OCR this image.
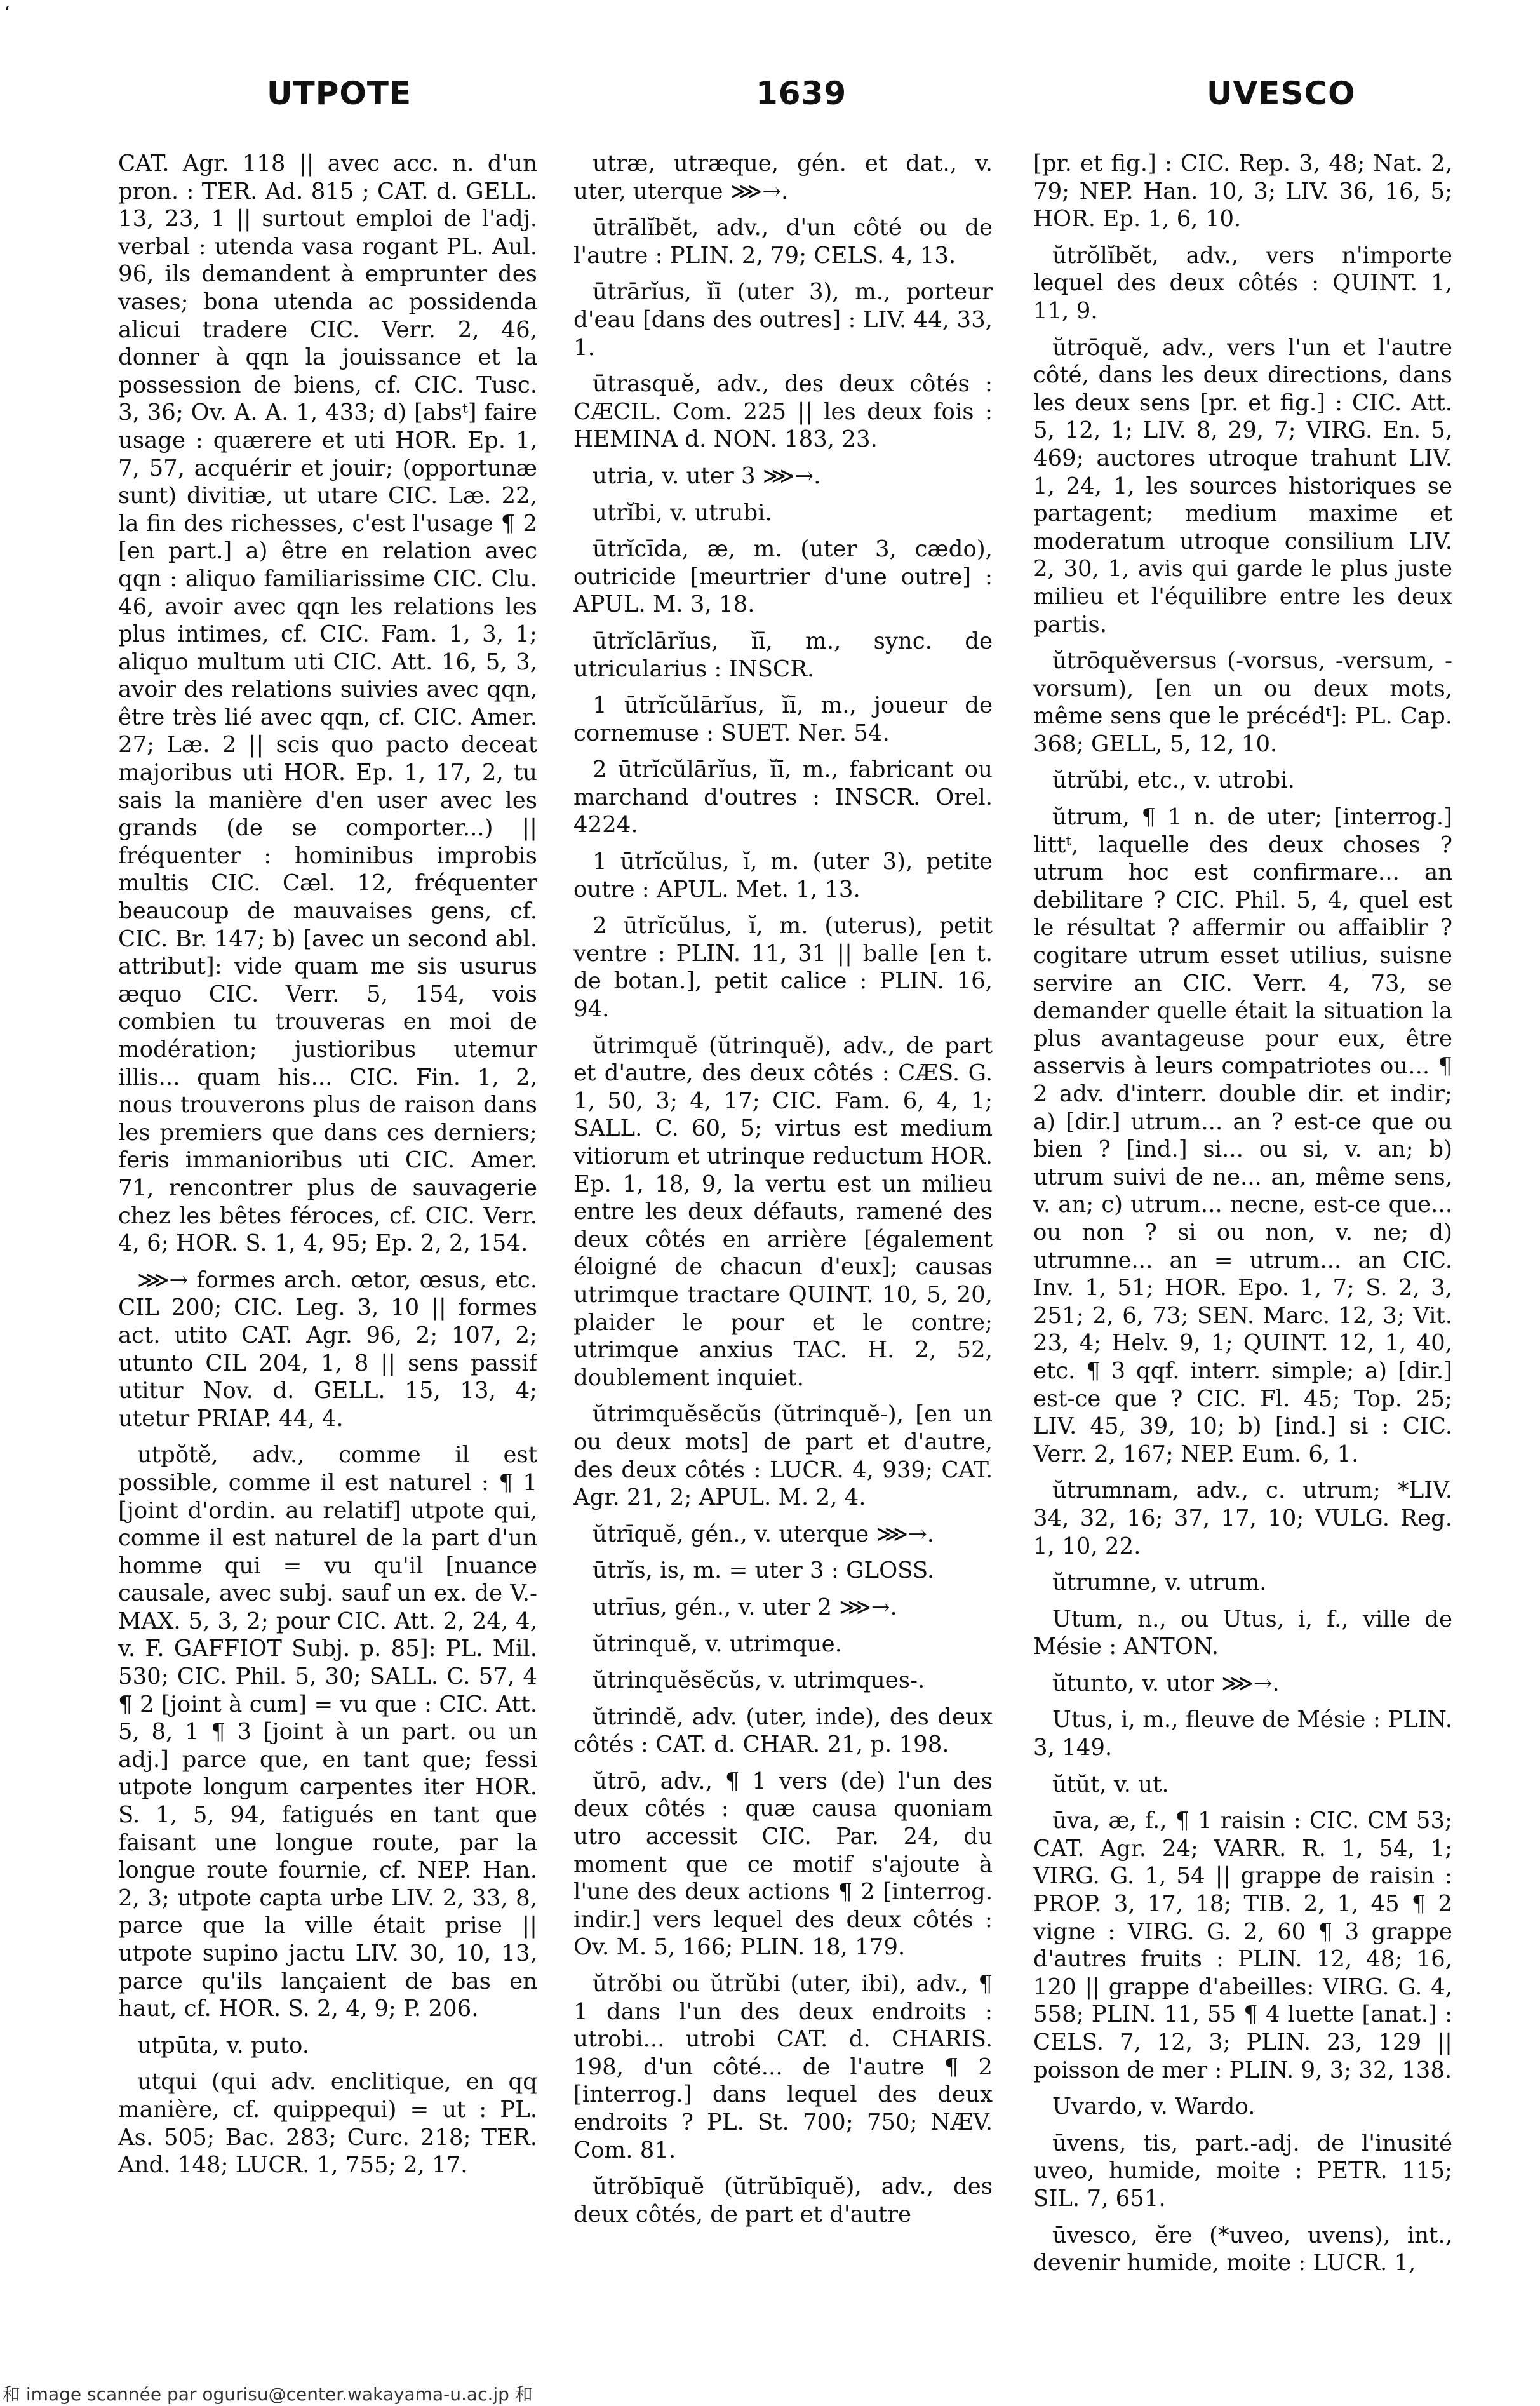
‘
UTPOTE	1639	UVESCO

CAT. Agr. 118 || avec acc. n. d'un pron. : TER. Ad. 815 ; CAT. d. GELL. 13, 23, 1 || surtout emploi de l'adj. verbal : utenda vasa rogant PL. Aul. 96, ils demandent à emprunter des vases; bona utenda ac possidenda alicui tradere CIC. Verr. 2, 46, donner à qqn la jouissance et la possession de biens, cf. CIC. Tusc. 3, 36; Ov. A. A. 1, 433; d) [absᵗ] faire usage : quærere et uti HOR. Ep. 1, 7, 57, acquérir et jouir; (opportunæ sunt) divitiæ, ut utare CIC. Læ. 22, la fin des richesses, c'est l'usage ¶ 2 [en part.] a) être en relation avec qqn : aliquo familiarissime CIC. Clu. 46, avoir avec qqn les relations les plus intimes, cf. CIC. Fam. 1, 3, 1; aliquo multum uti CIC. Att. 16, 5, 3, avoir des relations suivies avec qqn, être très lié avec qqn, cf. CIC. Amer. 27; Læ. 2 || scis quo pacto deceat majoribus uti HOR. Ep. 1, 17, 2, tu sais la manière d'en user avec les grands (de se comporter...) || fréquenter : hominibus improbis multis CIC. Cæl. 12, fréquenter beaucoup de mauvaises gens, cf. CIC. Br. 147; b) [avec un second abl. attribut]: vide quam me sis usurus æquo CIC. Verr. 5, 154, vois combien tu trouveras en moi de modération; justioribus utemur illis... quam his... CIC. Fin. 1, 2, nous trouverons plus de raison dans les premiers que dans ces derniers; feris immanioribus uti CIC. Amer. 71, rencontrer plus de sauvagerie chez les bêtes féroces, cf. CIC. Verr. 4, 6; HOR. S. 1, 4, 95; Ep. 2, 2, 154.

⋙→ formes arch. œtor, œsus, etc. CIL 200; CIC. Leg. 3, 10 || formes act. utito CAT. Agr. 96, 2; 107, 2; utunto CIL 204, 1, 8 || sens passif utitur Nov. d. GELL. 15, 13, 4; utetur PRIAP. 44, 4.

utpŏtĕ, adv., comme il est possible, comme il est naturel : ¶ 1 [joint d'ordin. au relatif] utpote qui, comme il est naturel de la part d'un homme qui = vu qu'il [nuance causale, avec subj. sauf un ex. de V.-MAX. 5, 3, 2; pour CIC. Att. 2, 24, 4, v. F. GAFFIOT Subj. p. 85]: PL. Mil. 530; CIC. Phil. 5, 30; SALL. C. 57, 4 ¶ 2 [joint à cum] = vu que : CIC. Att. 5, 8, 1 ¶ 3 [joint à un part. ou un adj.] parce que, en tant que; fessi utpote longum carpentes iter HOR. S. 1, 5, 94, fatigués en tant que faisant une longue route, par la longue route fournie, cf. NEP. Han. 2, 3; utpote capta urbe LIV. 2, 33, 8, parce que la ville était prise || utpote supino jactu LIV. 30, 10, 13, parce qu'ils lançaient de bas en haut, cf. HOR. S. 2, 4, 9; P. 206.

utpūta, v. puto.

utqui (qui adv. enclitique, en qq manière, cf. quippequi) = ut : PL. As. 505; Bac. 283; Curc. 218; TER. And. 148; LUCR. 1, 755; 2, 17.

utræ, utræque, gén. et dat., v. uter, uterque ⋙→.

ūtrālĭbĕt, adv., d'un côté ou de l'autre : PLIN. 2, 79; CELS. 4, 13.

ūtrārĭus, ĭī (uter 3), m., porteur d'eau [dans des outres] : LIV. 44, 33, 1.

ūtrasquĕ, adv., des deux côtés : CÆCIL. Com. 225 || les deux fois : HEMINA d. NON. 183, 23.

utria, v. uter 3 ⋙→.

utrĭbi, v. utrubi.

ūtrĭcīda, æ, m. (uter 3, cædo), outricide [meurtrier d'une outre] : APUL. M. 3, 18.

ūtrĭclārĭus, ĭī, m., sync. de utricularius : INSCR.

1 ūtrĭcŭlārĭus, ĭī, m., joueur de cornemuse : SUET. Ner. 54.

2 ūtrĭcŭlārĭus, ĭī, m., fabricant ou marchand d'outres : INSCR. Orel. 4224.

1 ūtrĭcŭlus, ĭ, m. (uter 3), petite outre : APUL. Met. 1, 13.

2 ūtrĭcŭlus, ĭ, m. (uterus), petit ventre : PLIN. 11, 31 || balle [en t. de botan.], petit calice : PLIN. 16, 94.

ŭtrimquĕ (ŭtrinquĕ), adv., de part et d'autre, des deux côtés : CÆS. G. 1, 50, 3; 4, 17; CIC. Fam. 6, 4, 1; SALL. C. 60, 5; virtus est medium vitiorum et utrinque reductum HOR. Ep. 1, 18, 9, la vertu est un milieu entre les deux défauts, ramené des deux côtés en arrière [également éloigné de chacun d'eux]; causas utrimque tractare QUINT. 10, 5, 20, plaider le pour et le contre; utrimque anxius TAC. H. 2, 52, doublement inquiet.

ŭtrimquĕsĕcŭs (ŭtrinquĕ-), [en un ou deux mots] de part et d'autre, des deux côtés : LUCR. 4, 939; CAT. Agr. 21, 2; APUL. M. 2, 4.

ŭtrīquĕ, gén., v. uterque ⋙→.

ūtrĭs, is, m. = uter 3 : GLOSS.

utrīus, gén., v. uter 2 ⋙→.

ŭtrinquĕ, v. utrimque.

ŭtrinquĕsĕcŭs, v. utrimques-.

ŭtrindĕ, adv. (uter, inde), des deux côtés : CAT. d. CHAR. 21, p. 198.

ŭtrō, adv., ¶ 1 vers (de) l'un des deux côtés : quæ causa quoniam utro accessit CIC. Par. 24, du moment que ce motif s'ajoute à l'une des deux actions ¶ 2 [interrog. indir.] vers lequel des deux côtés : Ov. M. 5, 166; PLIN. 18, 179.

ŭtrŏbi ou ŭtrŭbi (uter, ibi), adv., ¶ 1 dans l'un des deux endroits : utrobi... utrobi CAT. d. CHARIS. 198, d'un côté... de l'autre ¶ 2 [interrog.] dans lequel des deux endroits ? PL. St. 700; 750; NÆV. Com. 81.

ŭtrŏbīquĕ (ŭtrŭbīquĕ), adv., des deux côtés, de part et d'autre

[pr. et fig.] : CIC. Rep. 3, 48; Nat. 2, 79; NEP. Han. 10, 3; LIV. 36, 16, 5; HOR. Ep. 1, 6, 10.

ŭtrŏlĭbĕt, adv., vers n'importe lequel des deux côtés : QUINT. 1, 11, 9.

ŭtrōquĕ, adv., vers l'un et l'autre côté, dans les deux directions, dans les deux sens [pr. et fig.] : CIC. Att. 5, 12, 1; LIV. 8, 29, 7; VIRG. En. 5, 469; auctores utroque trahunt LIV. 1, 24, 1, les sources historiques se partagent; medium maxime et moderatum utroque consilium LIV. 2, 30, 1, avis qui garde le plus juste milieu et l'équilibre entre les deux partis.

ŭtrōquĕversus (-vorsus, -versum, -vorsum), [en un ou deux mots, même sens que le précédᵗ]: PL. Cap. 368; GELL, 5, 12, 10.

ŭtrŭbi, etc., v. utrobi.

ŭtrum, ¶ 1 n. de uter; [interrog.] littᵗ, laquelle des deux choses ? utrum hoc est confirmare... an debilitare ? CIC. Phil. 5, 4, quel est le résultat ? affermir ou affaiblir ? cogitare utrum esset utilius, suisne servire an CIC. Verr. 4, 73, se demander quelle était la situation la plus avantageuse pour eux, être asservis à leurs compatriotes ou... ¶ 2 adv. d'interr. double dir. et indir; a) [dir.] utrum... an ? est-ce que ou bien ? [ind.] si... ou si, v. an; b) utrum suivi de ne... an, même sens, v. an; c) utrum... necne, est-ce que... ou non ? si ou non, v. ne; d) utrumne... an = utrum... an CIC. Inv. 1, 51; HOR. Epo. 1, 7; S. 2, 3, 251; 2, 6, 73; SEN. Marc. 12, 3; Vit. 23, 4; Helv. 9, 1; QUINT. 12, 1, 40, etc. ¶ 3 qqf. interr. simple; a) [dir.] est-ce que ? CIC. Fl. 45; Top. 25; LIV. 45, 39, 10; b) [ind.] si : CIC. Verr. 2, 167; NEP. Eum. 6, 1.

ŭtrumnam, adv., c. utrum; *LIV. 34, 32, 16; 37, 17, 10; VULG. Reg. 1, 10, 22.

ŭtrumne, v. utrum.

Utum, n., ou Utus, i, f., ville de Mésie : ANTON.

ŭtunto, v. utor ⋙→.

Utus, i, m., fleuve de Mésie : PLIN. 3, 149.

ŭtŭt, v. ut.

ūva, æ, f., ¶ 1 raisin : CIC. CM 53; CAT. Agr. 24; VARR. R. 1, 54, 1; VIRG. G. 1, 54 || grappe de raisin : PROP. 3, 17, 18; TIB. 2, 1, 45 ¶ 2 vigne : VIRG. G. 2, 60 ¶ 3 grappe d'autres fruits : PLIN. 12, 48; 16, 120 || grappe d'abeilles: VIRG. G. 4, 558; PLIN. 11, 55 ¶ 4 luette [anat.] : CELS. 7, 12, 3; PLIN. 23, 129 || poisson de mer : PLIN. 9, 3; 32, 138.

Uvardo, v. Wardo.

ūvens, tis, part.-adj. de l'inusité uveo, humide, moite : PETR. 115; SIL. 7, 651.

ūvesco, ĕre (*uveo, uvens), int., devenir humide, moite : LUCR. 1,

和 image scannée par ogurisu@center.wakayama-u.ac.jp 和
